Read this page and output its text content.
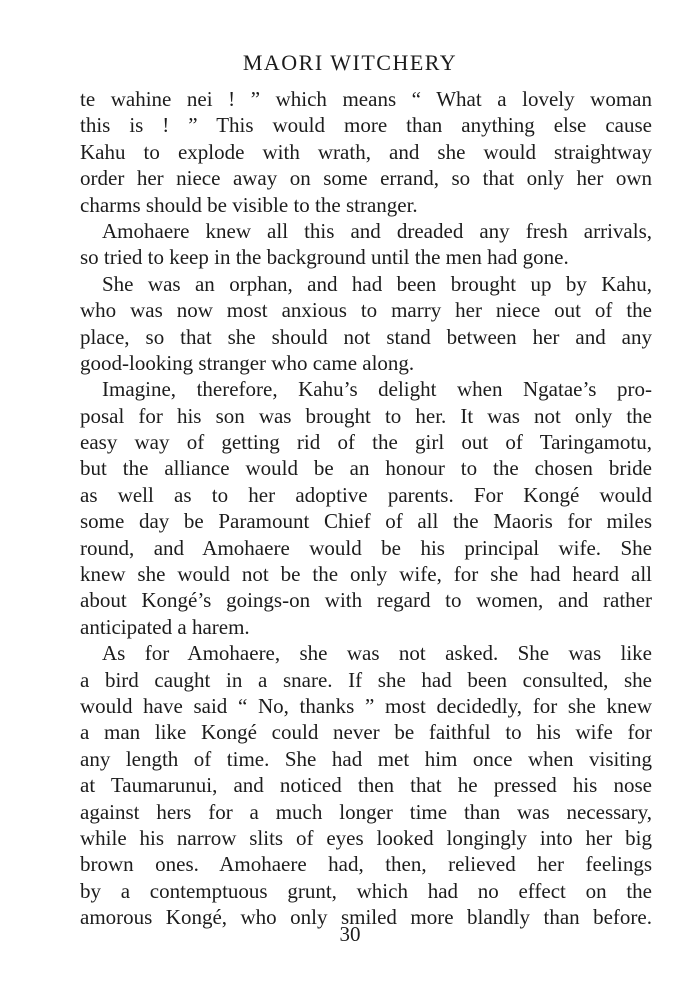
MAORI WITCHERY
te wahine nei ! ” which means “ What a lovely woman
this is ! ” This would more than anything else cause
Kahu to explode with wrath, and she would straightway
order her niece away on some errand, so that only her own
charms should be visible to the stranger.
Amohaere knew all this and dreaded any fresh arrivals,
so tried to keep in the background until the men had gone.
She was an orphan, and had been brought up by Kahu,
who was now most anxious to marry her niece out of the
place, so that she should not stand between her and any
good-looking stranger who came along.
Imagine, therefore, Kahu’s delight when Ngatae’s pro-
posal for his son was brought to her. It was not only the
easy way of getting rid of the girl out of Taringamotu,
but the alliance would be an honour to the chosen bride
as well as to her adoptive parents. For Kongé would
some day be Paramount Chief of all the Maoris for miles
round, and Amohaere would be his principal wife. She
knew she would not be the only wife, for she had heard all
about Kongé’s goings-on with regard to women, and rather
anticipated a harem.
As for Amohaere, she was not asked. She was like
a bird caught in a snare. If she had been consulted, she
would have said “ No, thanks ” most decidedly, for she knew
a man like Kongé could never be faithful to his wife for
any length of time. She had met him once when visiting
at Taumarunui, and noticed then that he pressed his nose
against hers for a much longer time than was necessary,
while his narrow slits of eyes looked longingly into her big
brown ones. Amohaere had, then, relieved her feelings
by a contemptuous grunt, which had no effect on the
amorous Kongé, who only smiled more blandly than before.
30
